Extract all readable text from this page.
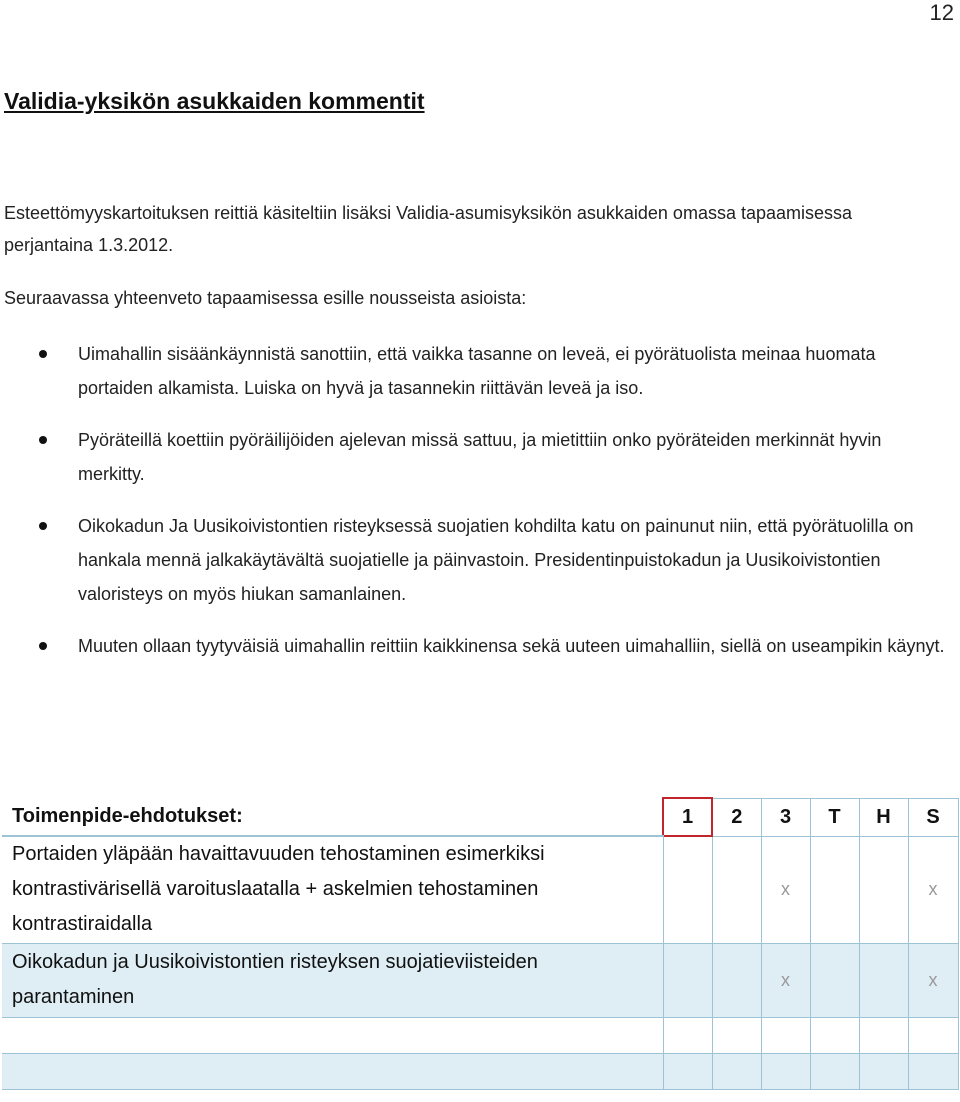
12
Validia-yksikön asukkaiden kommentit
Esteettömyyskartoituksen reittiä käsiteltiin lisäksi Validia-asumisyksikön asukkaiden omassa tapaamisessa perjantaina 1.3.2012.
Seuraavassa yhteenveto tapaamisessa esille nousseista asioista:
Uimahallin sisäänkäynnistä sanottiin, että vaikka tasanne on leveä, ei pyörätuolista meinaa huomata portaiden alkamista. Luiska on hyvä ja tasannekin riittävän leveä ja iso.
Pyöräteillä koettiin pyöräilijöiden ajelevan missä sattuu, ja mietittiin onko pyöräteiden merkinnät hyvin merkitty.
Oikokadun Ja Uusikoivistontien risteyksessä suojatien kohdilta katu on painunut niin, että pyörätuolilla on hankala mennä jalkakäytävältä suojatielle ja päinvastoin. Presidentinpuistokadun ja Uusikoivistontien valoristeys on myös hiukan samanlainen.
Muuten ollaan tyytyväisiä uimahallin reittiin kaikkinensa sekä uuteen uimahalliin, siellä on useampikin käynyt.
Toimenpide-ehdotukset:	1	2	3	T	H	S
Portaiden yläpään havaittavuuden tehostaminen esimerkiksi kontrastivärisellä varoituslaatalla + askelmien tehostaminen kontrastiraidalla			x			x
Oikokadun ja Uusikoivistontien risteyksen suojatieviisteiden parantaminen			x			x
